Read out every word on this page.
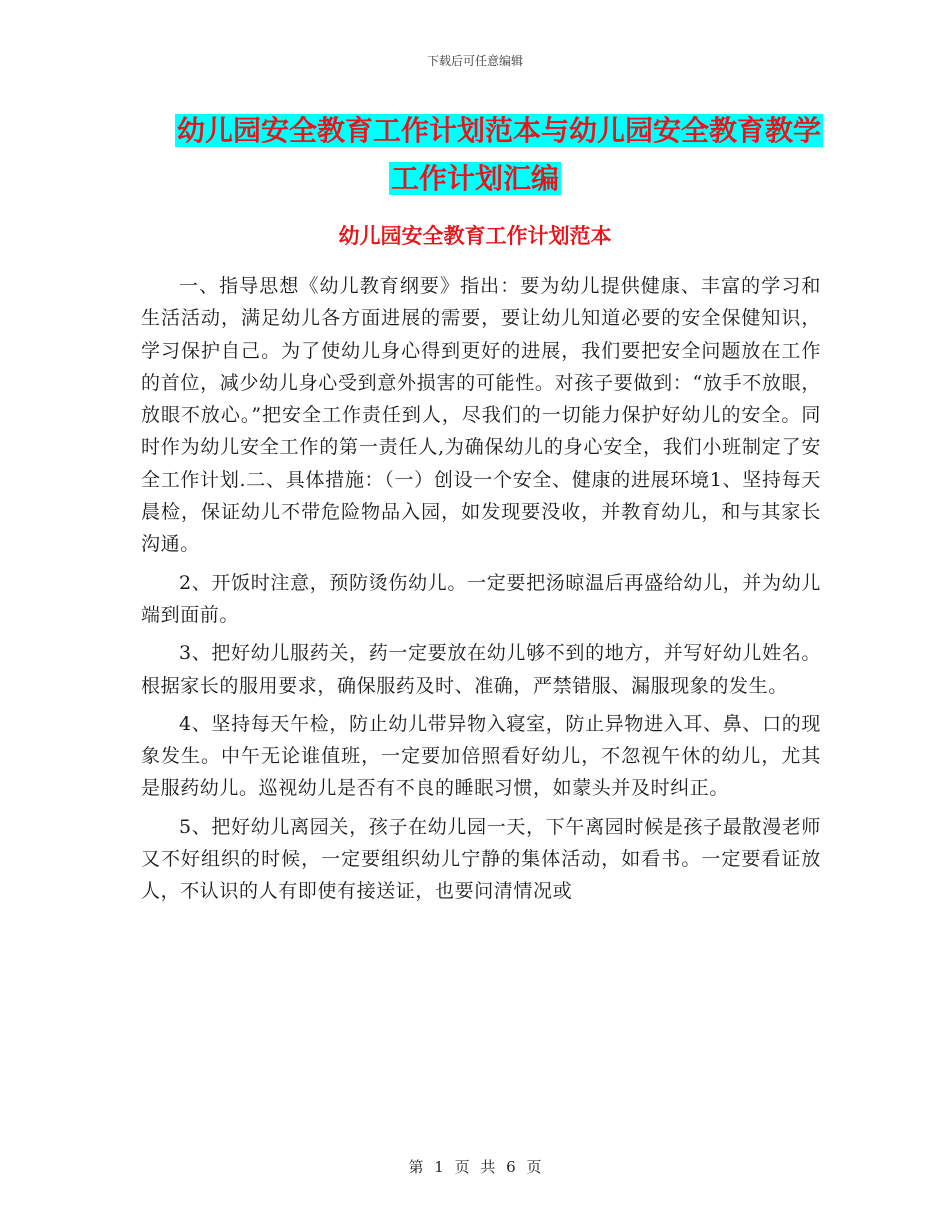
下载后可任意编辑
幼儿园安全教育工作计划范本与幼儿园安全教育教学
工作计划汇编
幼儿园安全教育工作计划范本

一、指导思想《幼儿教育纲要》指出：要为幼儿提供健康、丰富的学习和生活活动，满足幼儿各方面进展的需要，要让幼儿知道必要的安全保健知识，学习保护自己。为了使幼儿身心得到更好的进展，我们要把安全问题放在工作的首位，减少幼儿身心受到意外损害的可能性。对孩子要做到：“放手不放眼，放眼不放心。”把安全工作责任到人，尽我们的一切能力保护好幼儿的安全。同时作为幼儿安全工作的第一责任人,为确保幼儿的身心安全，我们小班制定了安全工作计划.二、具体措施：（一）创设一个安全、健康的进展环境1、坚持每天晨检，保证幼儿不带危险物品入园，如发现要没收，并教育幼儿，和与其家长沟通。

2、开饭时注意，预防烫伤幼儿。一定要把汤晾温后再盛给幼儿，并为幼儿端到面前。

3、把好幼儿服药关，药一定要放在幼儿够不到的地方，并写好幼儿姓名。根据家长的服用要求，确保服药及时、准确，严禁错服、漏服现象的发生。

4、坚持每天午检，防止幼儿带异物入寝室，防止异物进入耳、鼻、口的现象发生。中午无论谁值班，一定要加倍照看好幼儿，不忽视午休的幼儿，尤其是服药幼儿。巡视幼儿是否有不良的睡眠习惯，如蒙头并及时纠正。

5、把好幼儿离园关，孩子在幼儿园一天，下午离园时候是孩子最散漫老师又不好组织的时候，一定要组织幼儿宁静的集体活动，如看书。一定要看证放人，不认识的人有即使有接送证，也要问清情况或

第 1 页 共 6 页
